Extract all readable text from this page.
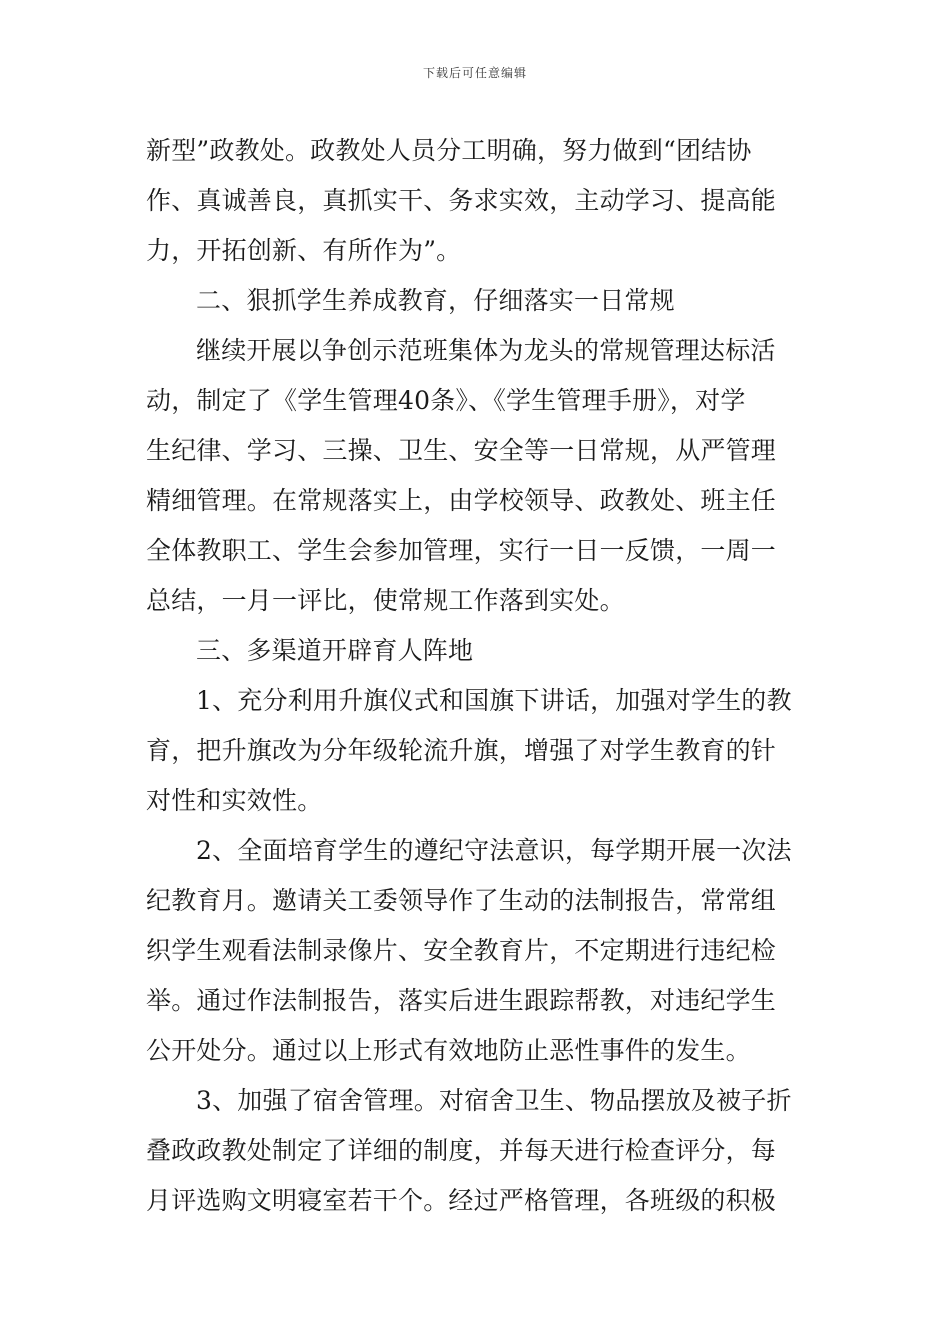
下载后可任意编辑
新型”政教处。政教处人员分工明确，努力做到“团结协
作、真诚善良，真抓实干、务求实效，主动学习、提高能
力，开拓创新、有所作为”。
二、狠抓学生养成教育，仔细落实一日常规
继续开展以争创示范班集体为龙头的常规管理达标活
动，制定了《学生管理40条》、《学生管理手册》，对学
生纪律、学习、三操、卫生、安全等一日常规，从严管理
精细管理。在常规落实上，由学校领导、政教处、班主任
全体教职工、学生会参加管理，实行一日一反馈，一周一
总结，一月一评比，使常规工作落到实处。
三、多渠道开辟育人阵地
1、充分利用升旗仪式和国旗下讲话，加强对学生的教
育，把升旗改为分年级轮流升旗，增强了对学生教育的针
对性和实效性。
2、全面培育学生的遵纪守法意识，每学期开展一次法
纪教育月。邀请关工委领导作了生动的法制报告，常常组
织学生观看法制录像片、安全教育片，不定期进行违纪检
举。通过作法制报告，落实后进生跟踪帮教，对违纪学生
公开处分。通过以上形式有效地防止恶性事件的发生。
3、加强了宿舍管理。对宿舍卫生、物品摆放及被子折
叠政政教处制定了详细的制度，并每天进行检查评分，每
月评选购文明寝室若干个。经过严格管理，各班级的积极
